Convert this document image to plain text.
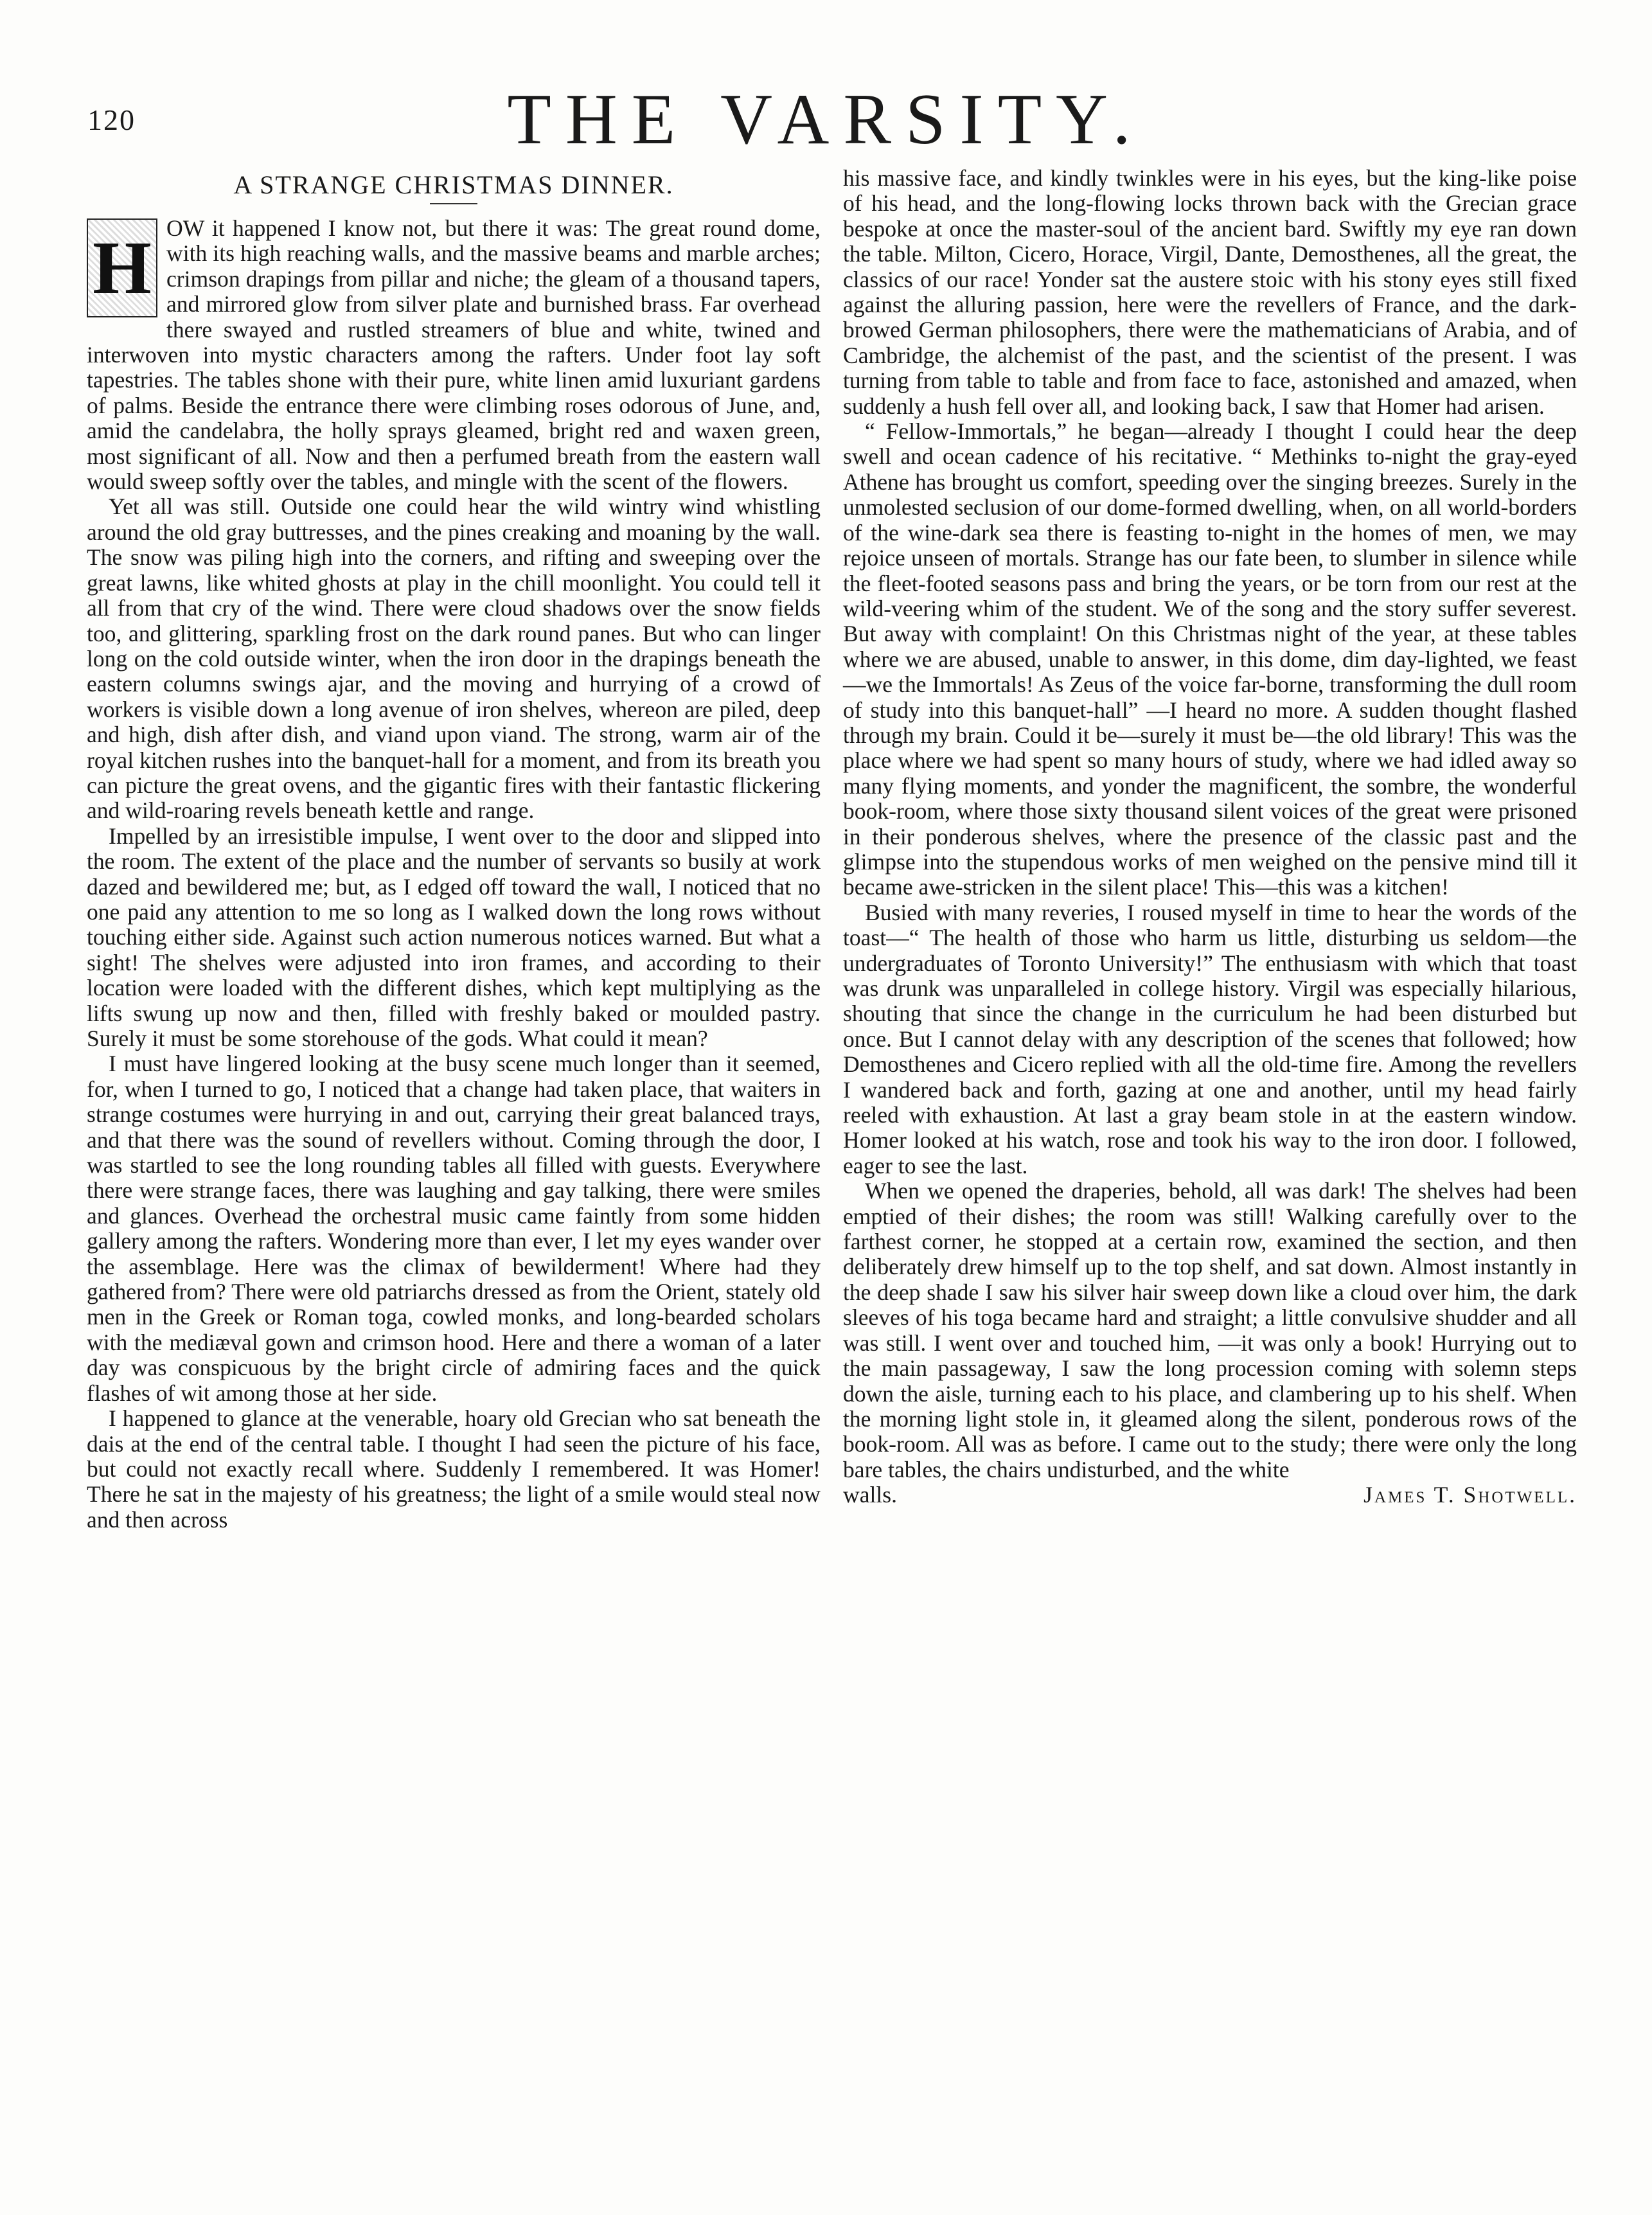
120	THE VARSITY.
A STRANGE CHRISTMAS DINNER.

H OW it happened I know not, but there it was: The great round dome, with its high reaching walls, and the massive beams and marble arches; crimson drapings from pillar and niche; the gleam of a thousand tapers, and mirrored glow from silver plate and burnished brass. Far overhead there swayed and rustled streamers of blue and white, twined and interwoven into mystic characters among the rafters. Under foot lay soft tapestries. The tables shone with their pure, white linen amid luxuriant gardens of palms. Beside the entrance there were climbing roses odorous of June, and, amid the candelabra, the holly sprays gleamed, bright red and waxen green, most significant of all. Now and then a perfumed breath from the eastern wall would sweep softly over the tables, and mingle with the scent of the flowers.

Yet all was still. Outside one could hear the wild wintry wind whistling around the old gray buttresses, and the pines creaking and moaning by the wall. The snow was piling high into the corners, and rifting and sweeping over the great lawns, like whited ghosts at play in the chill moonlight. You could tell it all from that cry of the wind. There were cloud shadows over the snow fields too, and glittering, sparkling frost on the dark round panes. But who can linger long on the cold outside winter, when the iron door in the drapings beneath the eastern columns swings ajar, and the moving and hurrying of a crowd of workers is visible down a long avenue of iron shelves, whereon are piled, deep and high, dish after dish, and viand upon viand. The strong, warm air of the royal kitchen rushes into the banquet-hall for a moment, and from its breath you can picture the great ovens, and the gigantic fires with their fantastic flickering and wild-roaring revels beneath kettle and range.

Impelled by an irresistible impulse, I went over to the door and slipped into the room. The extent of the place and the number of servants so busily at work dazed and bewildered me; but, as I edged off toward the wall, I noticed that no one paid any attention to me so long as I walked down the long rows without touching either side. Against such action numerous notices warned. But what a sight! The shelves were adjusted into iron frames, and according to their location were loaded with the different dishes, which kept multiplying as the lifts swung up now and then, filled with freshly baked or moulded pastry. Surely it must be some storehouse of the gods. What could it mean?

I must have lingered looking at the busy scene much longer than it seemed, for, when I turned to go, I noticed that a change had taken place, that waiters in strange costumes were hurrying in and out, carrying their great balanced trays, and that there was the sound of revellers without. Coming through the door, I was startled to see the long rounding tables all filled with guests. Everywhere there were strange faces, there was laughing and gay talking, there were smiles and glances. Overhead the orchestral music came faintly from some hidden gallery among the rafters. Wondering more than ever, I let my eyes wander over the assemblage. Here was the climax of bewilderment! Where had they gathered from? There were old patriarchs dressed as from the Orient, stately old men in the Greek or Roman toga, cowled monks, and long-bearded scholars with the mediæval gown and crimson hood. Here and there a woman of a later day was conspicuous by the bright circle of admiring faces and the quick flashes of wit among those at her side.

I happened to glance at the venerable, hoary old Grecian who sat beneath the dais at the end of the central table. I thought I had seen the picture of his face, but could not exactly recall where. Suddenly I remembered. It was Homer! There he sat in the majesty of his greatness; the light of a smile would steal now and then across

his massive face, and kindly twinkles were in his eyes, but the king-like poise of his head, and the long-flowing locks thrown back with the Grecian grace bespoke at once the master-soul of the ancient bard. Swiftly my eye ran down the table. Milton, Cicero, Horace, Virgil, Dante, Demosthenes, all the great, the classics of our race! Yonder sat the austere stoic with his stony eyes still fixed against the alluring passion, here were the revellers of France, and the dark-browed German philosophers, there were the mathematicians of Arabia, and of Cambridge, the alchemist of the past, and the scientist of the present. I was turning from table to table and from face to face, astonished and amazed, when suddenly a hush fell over all, and looking back, I saw that Homer had arisen.

“ Fellow-Immortals,” he began—already I thought I could hear the deep swell and ocean cadence of his recitative. “ Methinks to-night the gray-eyed Athene has brought us comfort, speeding over the singing breezes. Surely in the unmolested seclusion of our dome-formed dwelling, when, on all world-borders of the wine-dark sea there is feasting to-night in the homes of men, we may rejoice unseen of mortals. Strange has our fate been, to slumber in silence while the fleet-footed seasons pass and bring the years, or be torn from our rest at the wild-veering whim of the student. We of the song and the story suffer severest. But away with complaint! On this Christmas night of the year, at these tables where we are abused, unable to answer, in this dome, dim day-lighted, we feast —we the Immortals! As Zeus of the voice far-borne, transforming the dull room of study into this banquet-hall” —I heard no more. A sudden thought flashed through my brain. Could it be—surely it must be—the old library! This was the place where we had spent so many hours of study, where we had idled away so many flying moments, and yonder the magnificent, the sombre, the wonderful book-room, where those sixty thousand silent voices of the great were prisoned in their ponderous shelves, where the presence of the classic past and the glimpse into the stupendous works of men weighed on the pensive mind till it became awe-stricken in the silent place! This—this was a kitchen!

Busied with many reveries, I roused myself in time to hear the words of the toast—“ The health of those who harm us little, disturbing us seldom—the undergraduates of Toronto University!” The enthusiasm with which that toast was drunk was unparalleled in college history. Virgil was especially hilarious, shouting that since the change in the curriculum he had been disturbed but once. But I cannot delay with any description of the scenes that followed; how Demosthenes and Cicero replied with all the old-time fire. Among the revellers I wandered back and forth, gazing at one and another, until my head fairly reeled with exhaustion. At last a gray beam stole in at the eastern window. Homer looked at his watch, rose and took his way to the iron door. I followed, eager to see the last.

When we opened the draperies, behold, all was dark! The shelves had been emptied of their dishes; the room was still! Walking carefully over to the farthest corner, he stopped at a certain row, examined the section, and then deliberately drew himself up to the top shelf, and sat down. Almost instantly in the deep shade I saw his silver hair sweep down like a cloud over him, the dark sleeves of his toga became hard and straight; a little convulsive shudder and all was still. I went over and touched him, —it was only a book! Hurrying out to the main passageway, I saw the long procession coming with solemn steps down the aisle, turning each to his place, and clambering up to his shelf. When the morning light stole in, it gleamed along the silent, ponderous rows of the book-room. All was as before. I came out to the study; there were only the long bare tables, the chairs undisturbed, and the white

walls.	James T. Shotwell.
